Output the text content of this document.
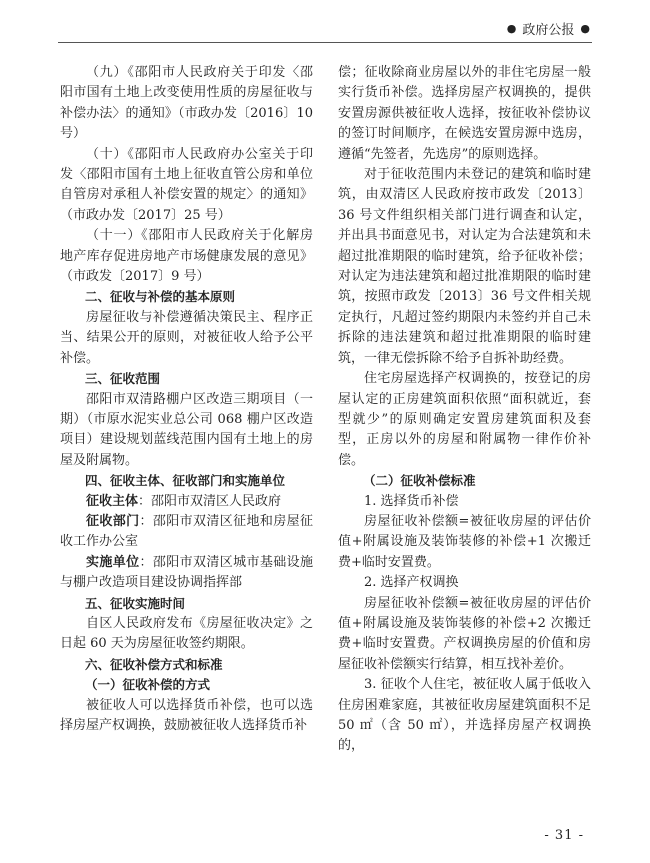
● 政府公报 ●

（九）《邵阳市人民政府关于印发〈邵阳市国有土地上改变使用性质的房屋征收与补偿办法〉的通知》（市政办发〔2016〕10 号）

（十）《邵阳市人民政府办公室关于印发〈邵阳市国有土地上征收直管公房和单位自管房对承租人补偿安置的规定〉的通知》（市政办发〔2017〕25 号）

（十一）《邵阳市人民政府关于化解房地产库存促进房地产市场健康发展的意见》（市政发〔2017〕9 号）

二、征收与补偿的基本原则

房屋征收与补偿遵循决策民主、程序正当、结果公开的原则，对被征收人给予公平补偿。

三、征收范围

邵阳市双清路棚户区改造三期项目（一期）（市原水泥实业总公司 068 棚户区改造项目）建设规划蓝线范围内国有土地上的房屋及附属物。

四、征收主体、征收部门和实施单位

征收主体：邵阳市双清区人民政府

征收部门：邵阳市双清区征地和房屋征收工作办公室

实施单位：邵阳市双清区城市基础设施与棚户改造项目建设协调指挥部

五、征收实施时间

自区人民政府发布《房屋征收决定》之日起 60 天为房屋征收签约期限。

六、征收补偿方式和标准

（一）征收补偿的方式

被征收人可以选择货币补偿，也可以选择房屋产权调换，鼓励被征收人选择货币补

偿；征收除商业房屋以外的非住宅房屋一般实行货币补偿。选择房屋产权调换的，提供安置房源供被征收人选择，按征收补偿协议的签订时间顺序，在候选安置房源中选房，遵循“先签者，先选房”的原则选择。

对于征收范围内未登记的建筑和临时建筑，由双清区人民政府按市政发〔2013〕36 号文件组织相关部门进行调查和认定，并出具书面意见书，对认定为合法建筑和未超过批准期限的临时建筑，给予征收补偿；对认定为违法建筑和超过批准期限的临时建筑，按照市政发〔2013〕36 号文件相关规定执行，凡超过签约期限内未签约并自己未拆除的违法建筑和超过批准期限的临时建筑，一律无偿拆除不给予自拆补助经费。

住宅房屋选择产权调换的，按登记的房屋认定的正房建筑面积依照“面积就近，套型就少”的原则确定安置房建筑面积及套型，正房以外的房屋和附属物一律作价补偿。

（二）征收补偿标准

1. 选择货币补偿

房屋征收补偿额=被征收房屋的评估价值+附属设施及装饰装修的补偿+1 次搬迁费+临时安置费。

2. 选择产权调换

房屋征收补偿额=被征收房屋的评估价值+附属设施及装饰装修的补偿+2 次搬迁费+临时安置费。产权调换房屋的价值和房屋征收补偿额实行结算，相互找补差价。

3. 征收个人住宅，被征收人属于低收入住房困难家庭，其被征收房屋建筑面积不足 50 ㎡（含 50 ㎡），并选择房屋产权调换的，

- 31 -
